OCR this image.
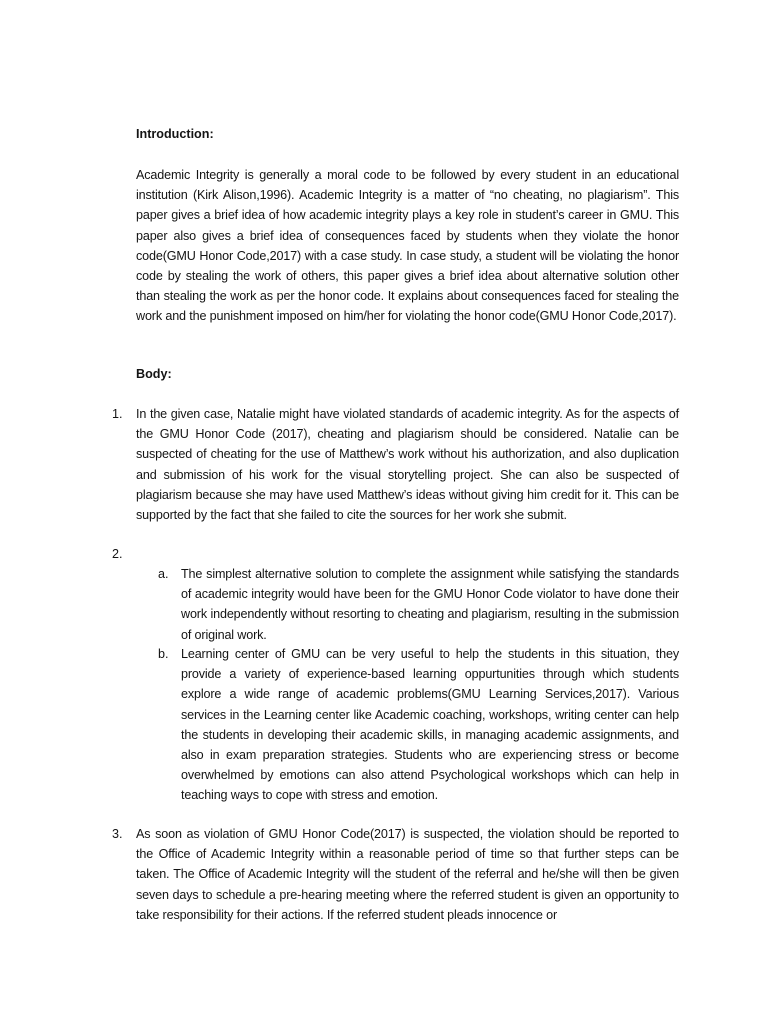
Introduction:

Academic Integrity is generally a moral code to be followed by every student in an educational institution (Kirk Alison,1996). Academic Integrity is a matter of “no cheating, no plagiarism”. This paper gives a brief idea of how academic integrity plays a key role in student’s career in GMU. This paper also gives a brief idea of consequences faced by students when they violate the honor code(GMU Honor Code,2017) with a case study. In case study, a student will be violating the honor code by stealing the work of others, this paper gives a brief idea about alternative solution other than stealing the work as per the honor code. It explains about consequences faced for stealing the work and the punishment imposed on him/her for violating the honor code(GMU Honor Code,2017).

Body:
1. In the given case, Natalie might have violated standards of academic integrity. As for the aspects of the GMU Honor Code (2017), cheating and plagiarism should be considered. Natalie can be suspected of cheating for the use of Matthew’s work without his authorization, and also duplication and submission of his work for the visual storytelling project. She can also be suspected of plagiarism because she may have used Matthew’s ideas without giving him credit for it. This can be supported by the fact that she failed to cite the sources for her work she submit.

2.
a. The simplest alternative solution to complete the assignment while satisfying the standards of academic integrity would have been for the GMU Honor Code violator to have done their work independently without resorting to cheating and plagiarism, resulting in the submission of original work.

b. Learning center of GMU can be very useful to help the students in this situation, they provide a variety of experience-based learning oppurtunities through which students explore a wide range of academic problems(GMU Learning Services,2017). Various services in the Learning center like Academic coaching, workshops, writing center can help the students in developing their academic skills, in managing academic assignments, and also in exam preparation strategies. Students who are experiencing stress or become overwhelmed by emotions can also attend Psychological workshops which can help in teaching ways to cope with stress and emotion.

3. As soon as violation of GMU Honor Code(2017) is suspected, the violation should be reported to the Office of Academic Integrity within a reasonable period of time so that further steps can be taken. The Office of Academic Integrity will the student of the referral and he/she will then be given seven days to schedule a pre-hearing meeting where the referred student is given an opportunity to take responsibility for their actions. If the referred student pleads innocence or
